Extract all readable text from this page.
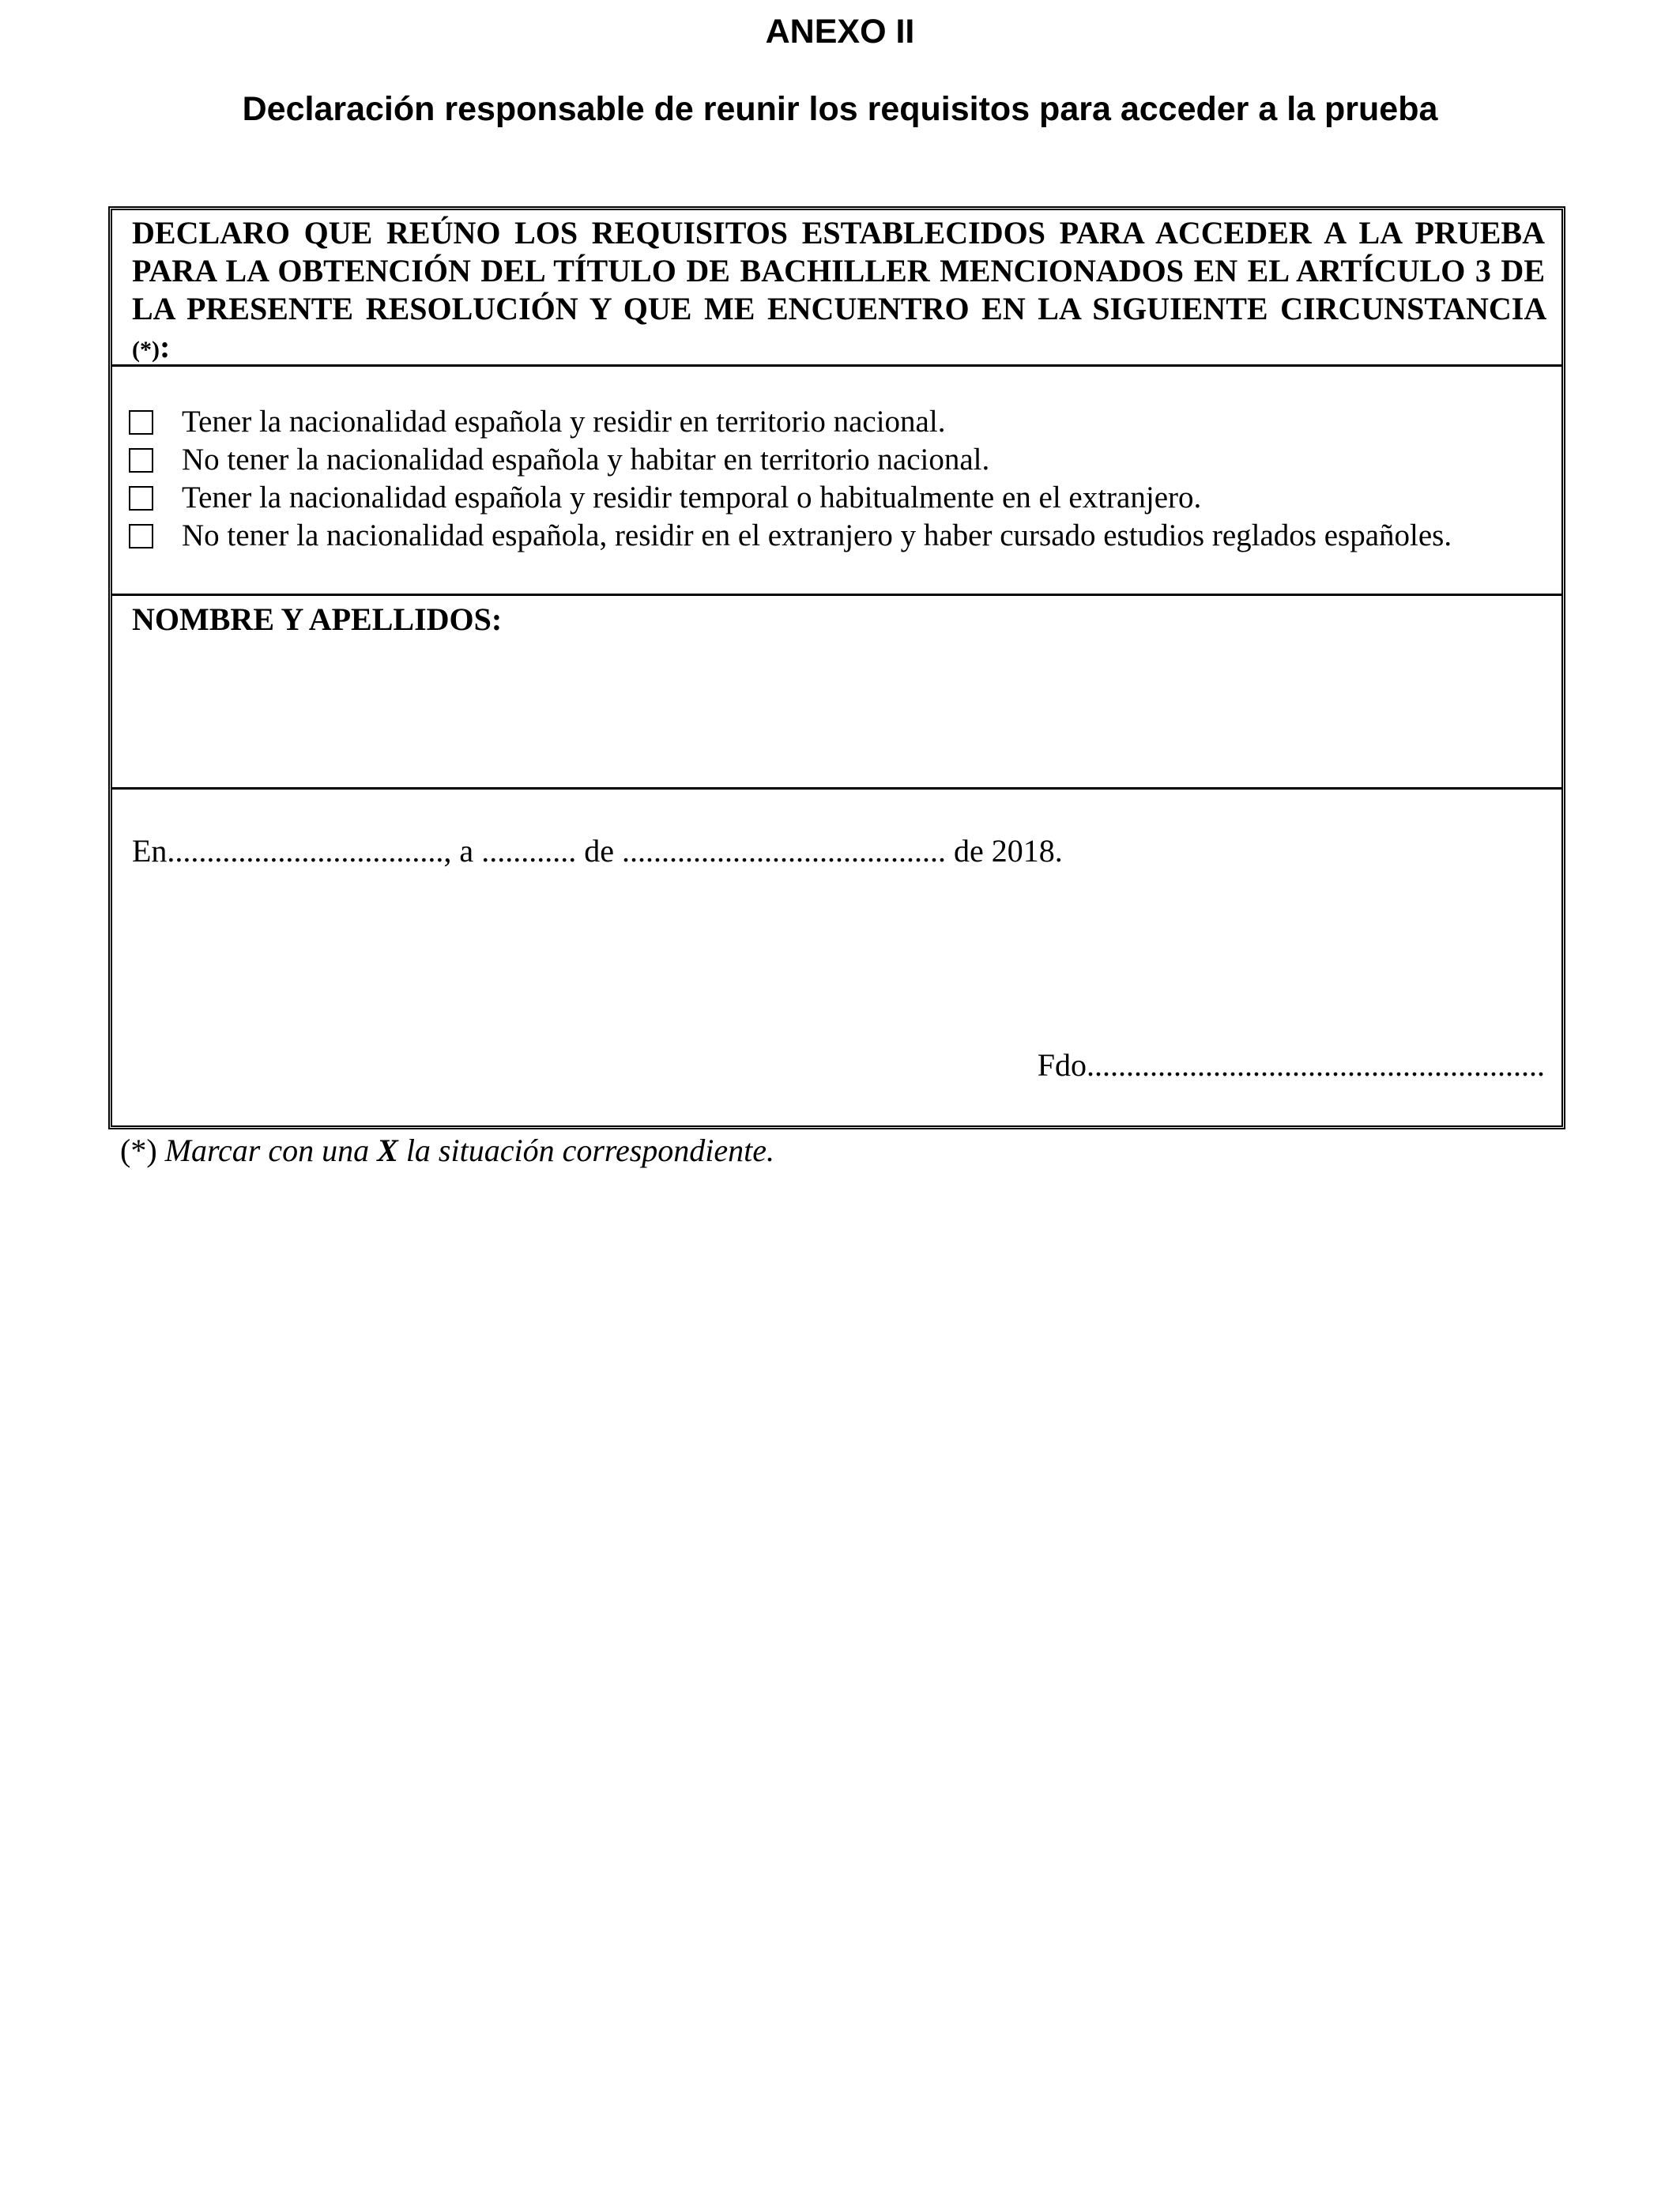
ANEXO II
Declaración responsable de reunir los requisitos para acceder a la prueba

DECLARO QUE REÚNO LOS REQUISITOS ESTABLECIDOS PARA ACCEDER A LA PRUEBA PARA LA OBTENCIÓN DEL TÍTULO DE BACHILLER MENCIONADOS EN EL ARTÍCULO 3 DE LA PRESENTE RESOLUCIÓN Y QUE ME ENCUENTRO EN LA SIGUIENTE CIRCUNSTANCIA (*):

Tener la nacionalidad española y residir en territorio nacional.
No tener la nacionalidad española y habitar en territorio nacional.
Tener la nacionalidad española y residir temporal o habitualmente en el extranjero.
No tener la nacionalidad española, residir en el extranjero y haber cursado estudios reglados españoles.

NOMBRE Y APELLIDOS:

En..................................., a ............ de ......................................... de 2018.
Fdo..........................................................

(*) Marcar con una X la situación correspondiente.
